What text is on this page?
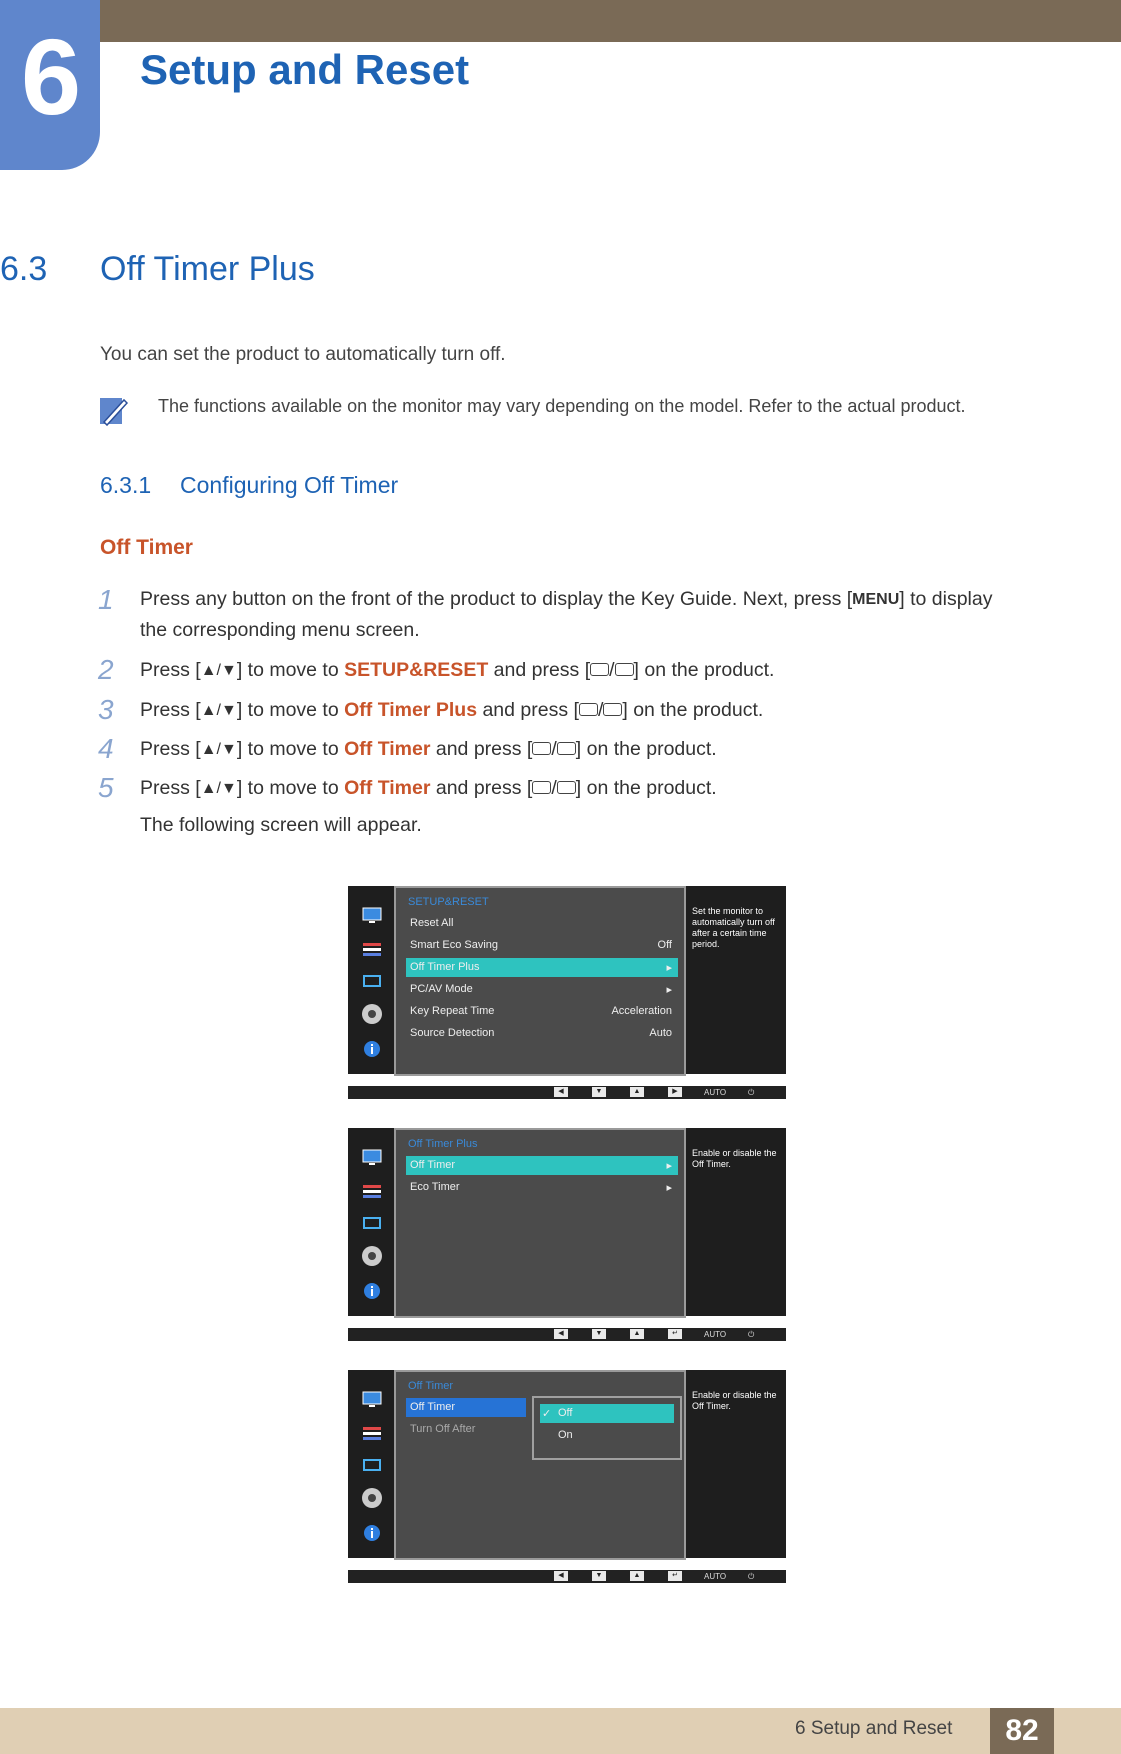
6	Setup and Reset
6.3 Off Timer Plus
You can set the product to automatically turn off.
The functions available on the monitor may vary depending on the model. Refer to the actual product.
6.3.1 Configuring Off Timer
Off Timer
1 Press any button on the front of the product to display the Key Guide. Next, press [MENU] to display
the corresponding menu screen.
2 Press [▲/▼] to move to SETUP&RESET and press [ / ] on the product.
3 Press [▲/▼] to move to Off Timer Plus and press [ / ] on the product.
4 Press [▲/▼] to move to Off Timer and press [ / ] on the product.
5 Press [▲/▼] to move to Off Timer and press [ / ] on the product.
The following screen will appear.
SETUP&RESET
Reset All
Smart Eco Saving	Off
Off Timer Plus	▸
PC/AV Mode	▸
Key Repeat Time	Acceleration
Source Detection	Auto
Set the monitor to automatically turn off after a certain time period.
◀	▼	▲	▶	AUTO	⏻
Off Timer Plus
Off Timer	▸
Eco Timer	▸
Enable or disable the Off Timer.
◀	▼	▲	↵	AUTO	⏻
Off Timer
Off Timer
Turn Off After
✓ Off
On
Enable or disable the Off Timer.
◀	▼	▲	↵	AUTO	⏻
6 Setup and Reset	82
